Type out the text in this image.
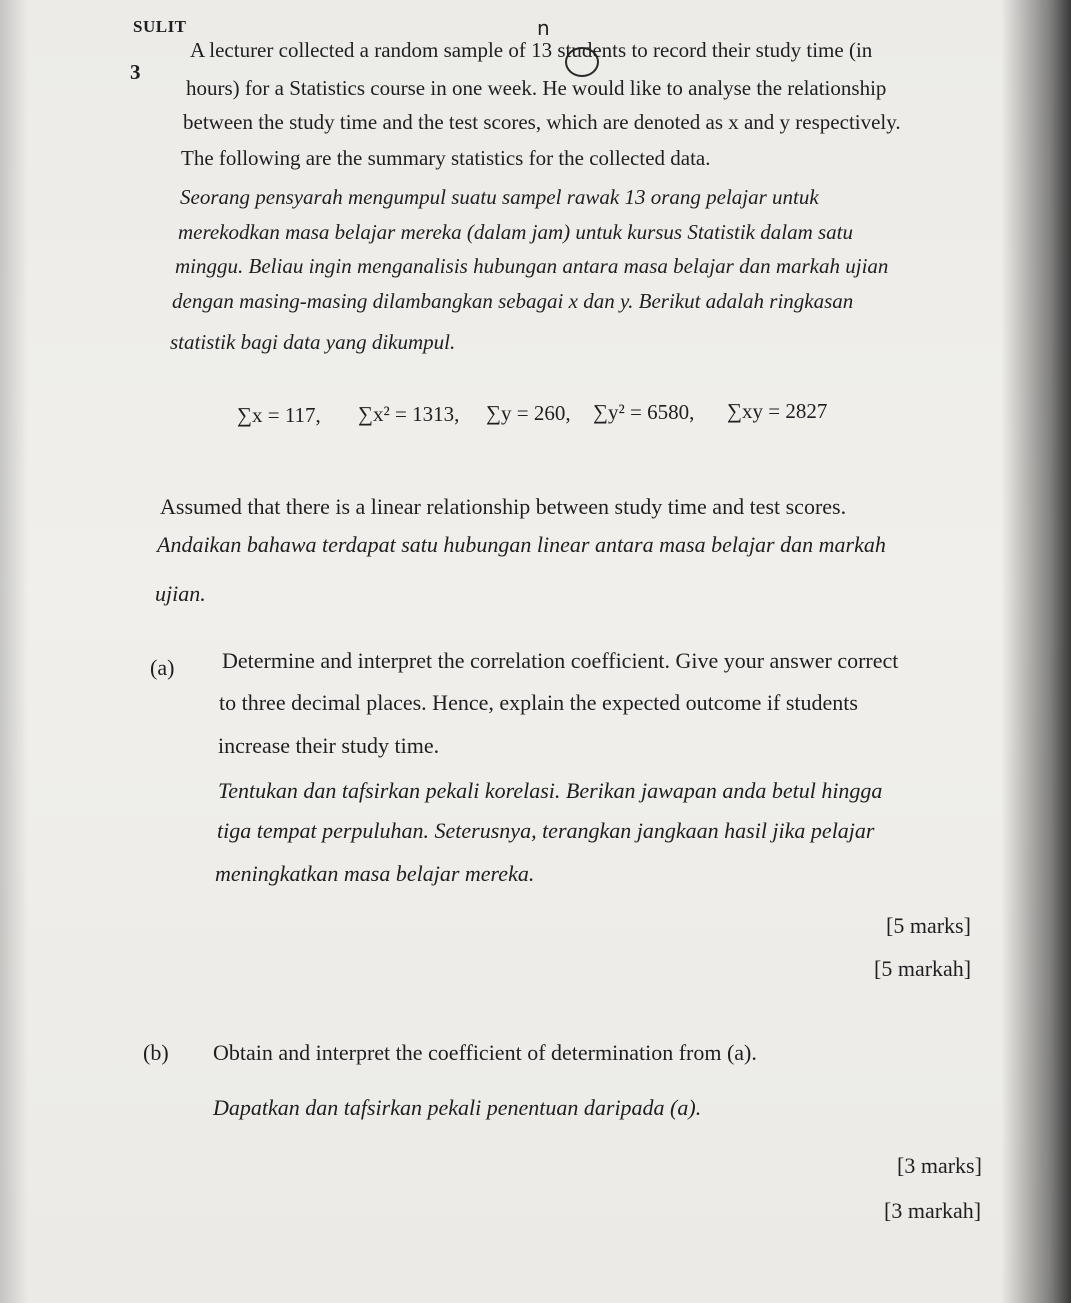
SULIT	n
3
A lecturer collected a random sample of 13 students to record their study time (in
hours) for a Statistics course in one week. He would like to analyse the relationship
between the study time and the test scores, which are denoted as x and y respectively.
The following are the summary statistics for the collected data.
Seorang pensyarah mengumpul suatu sampel rawak 13 orang pelajar untuk
merekodkan masa belajar mereka (dalam jam) untuk kursus Statistik dalam satu
minggu. Beliau ingin menganalisis hubungan antara masa belajar dan markah ujian
dengan masing-masing dilambangkan sebagai x dan y. Berikut adalah ringkasan
statistik bagi data yang dikumpul.
∑x = 117, ∑x² = 1313, ∑y = 260, ∑y² = 6580, ∑xy = 2827
Assumed that there is a linear relationship between study time and test scores.
Andaikan bahawa terdapat satu hubungan linear antara masa belajar dan markah
ujian.
(a) Determine and interpret the correlation coefficient. Give your answer correct
to three decimal places. Hence, explain the expected outcome if students
increase their study time.
Tentukan dan tafsirkan pekali korelasi. Berikan jawapan anda betul hingga
tiga tempat perpuluhan. Seterusnya, terangkan jangkaan hasil jika pelajar
meningkatkan masa belajar mereka.
[5 marks]
[5 markah]
(b) Obtain and interpret the coefficient of determination from (a).
Dapatkan dan tafsirkan pekali penentuan daripada (a).
[3 marks]
[3 markah]
